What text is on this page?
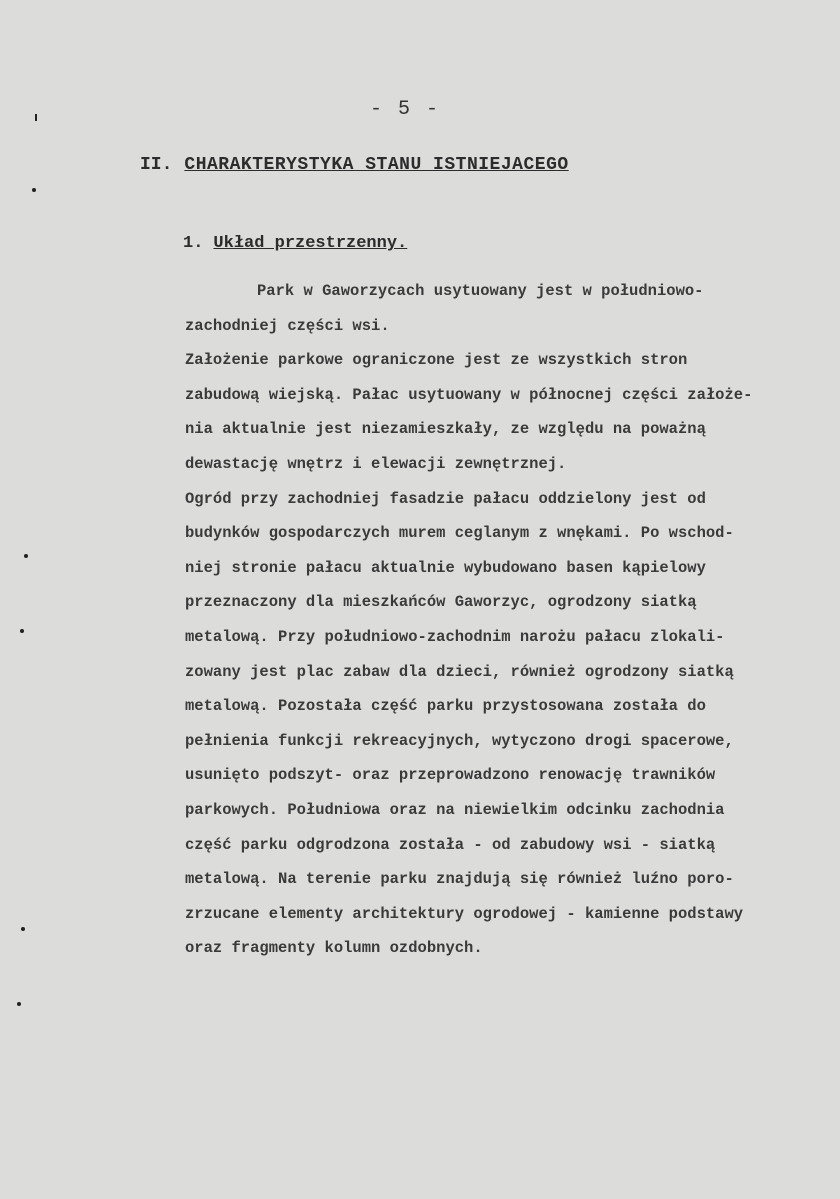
- 5 -
II. CHARAKTERYSTYKA STANU ISTNIEJACEGO
1. Układ przestrzenny.
Park w Gaworzycach usytuowany jest w południowo-
zachodniej części wsi.
Założenie parkowe ograniczone jest ze wszystkich stron
zabudową wiejską. Pałac usytuowany w północnej części założe-
nia aktualnie jest niezamieszkały, ze względu na poważną
dewastację wnętrz i elewacji zewnętrznej.
Ogród przy zachodniej fasadzie pałacu oddzielony jest od
budynków gospodarczych murem ceglanym z wnękami. Po wschod-
niej stronie pałacu aktualnie wybudowano basen kąpielowy
przeznaczony dla mieszkańców Gaworzyc, ogrodzony siatką
metalową. Przy południowo-zachodnim narożu pałacu zlokali-
zowany jest plac zabaw dla dzieci, również ogrodzony siatką
metalową. Pozostała część parku przystosowana została do
pełnienia funkcji rekreacyjnych, wytyczono drogi spacerowe,
usunięto podszyt- oraz przeprowadzono renowację trawników
parkowych. Południowa oraz na niewielkim odcinku zachodnia
część parku odgrodzona została - od zabudowy wsi - siatką
metalową. Na terenie parku znajdują się również luźno poro-
zrzucane elementy architektury ogrodowej - kamienne podstawy
oraz fragmenty kolumn ozdobnych.
